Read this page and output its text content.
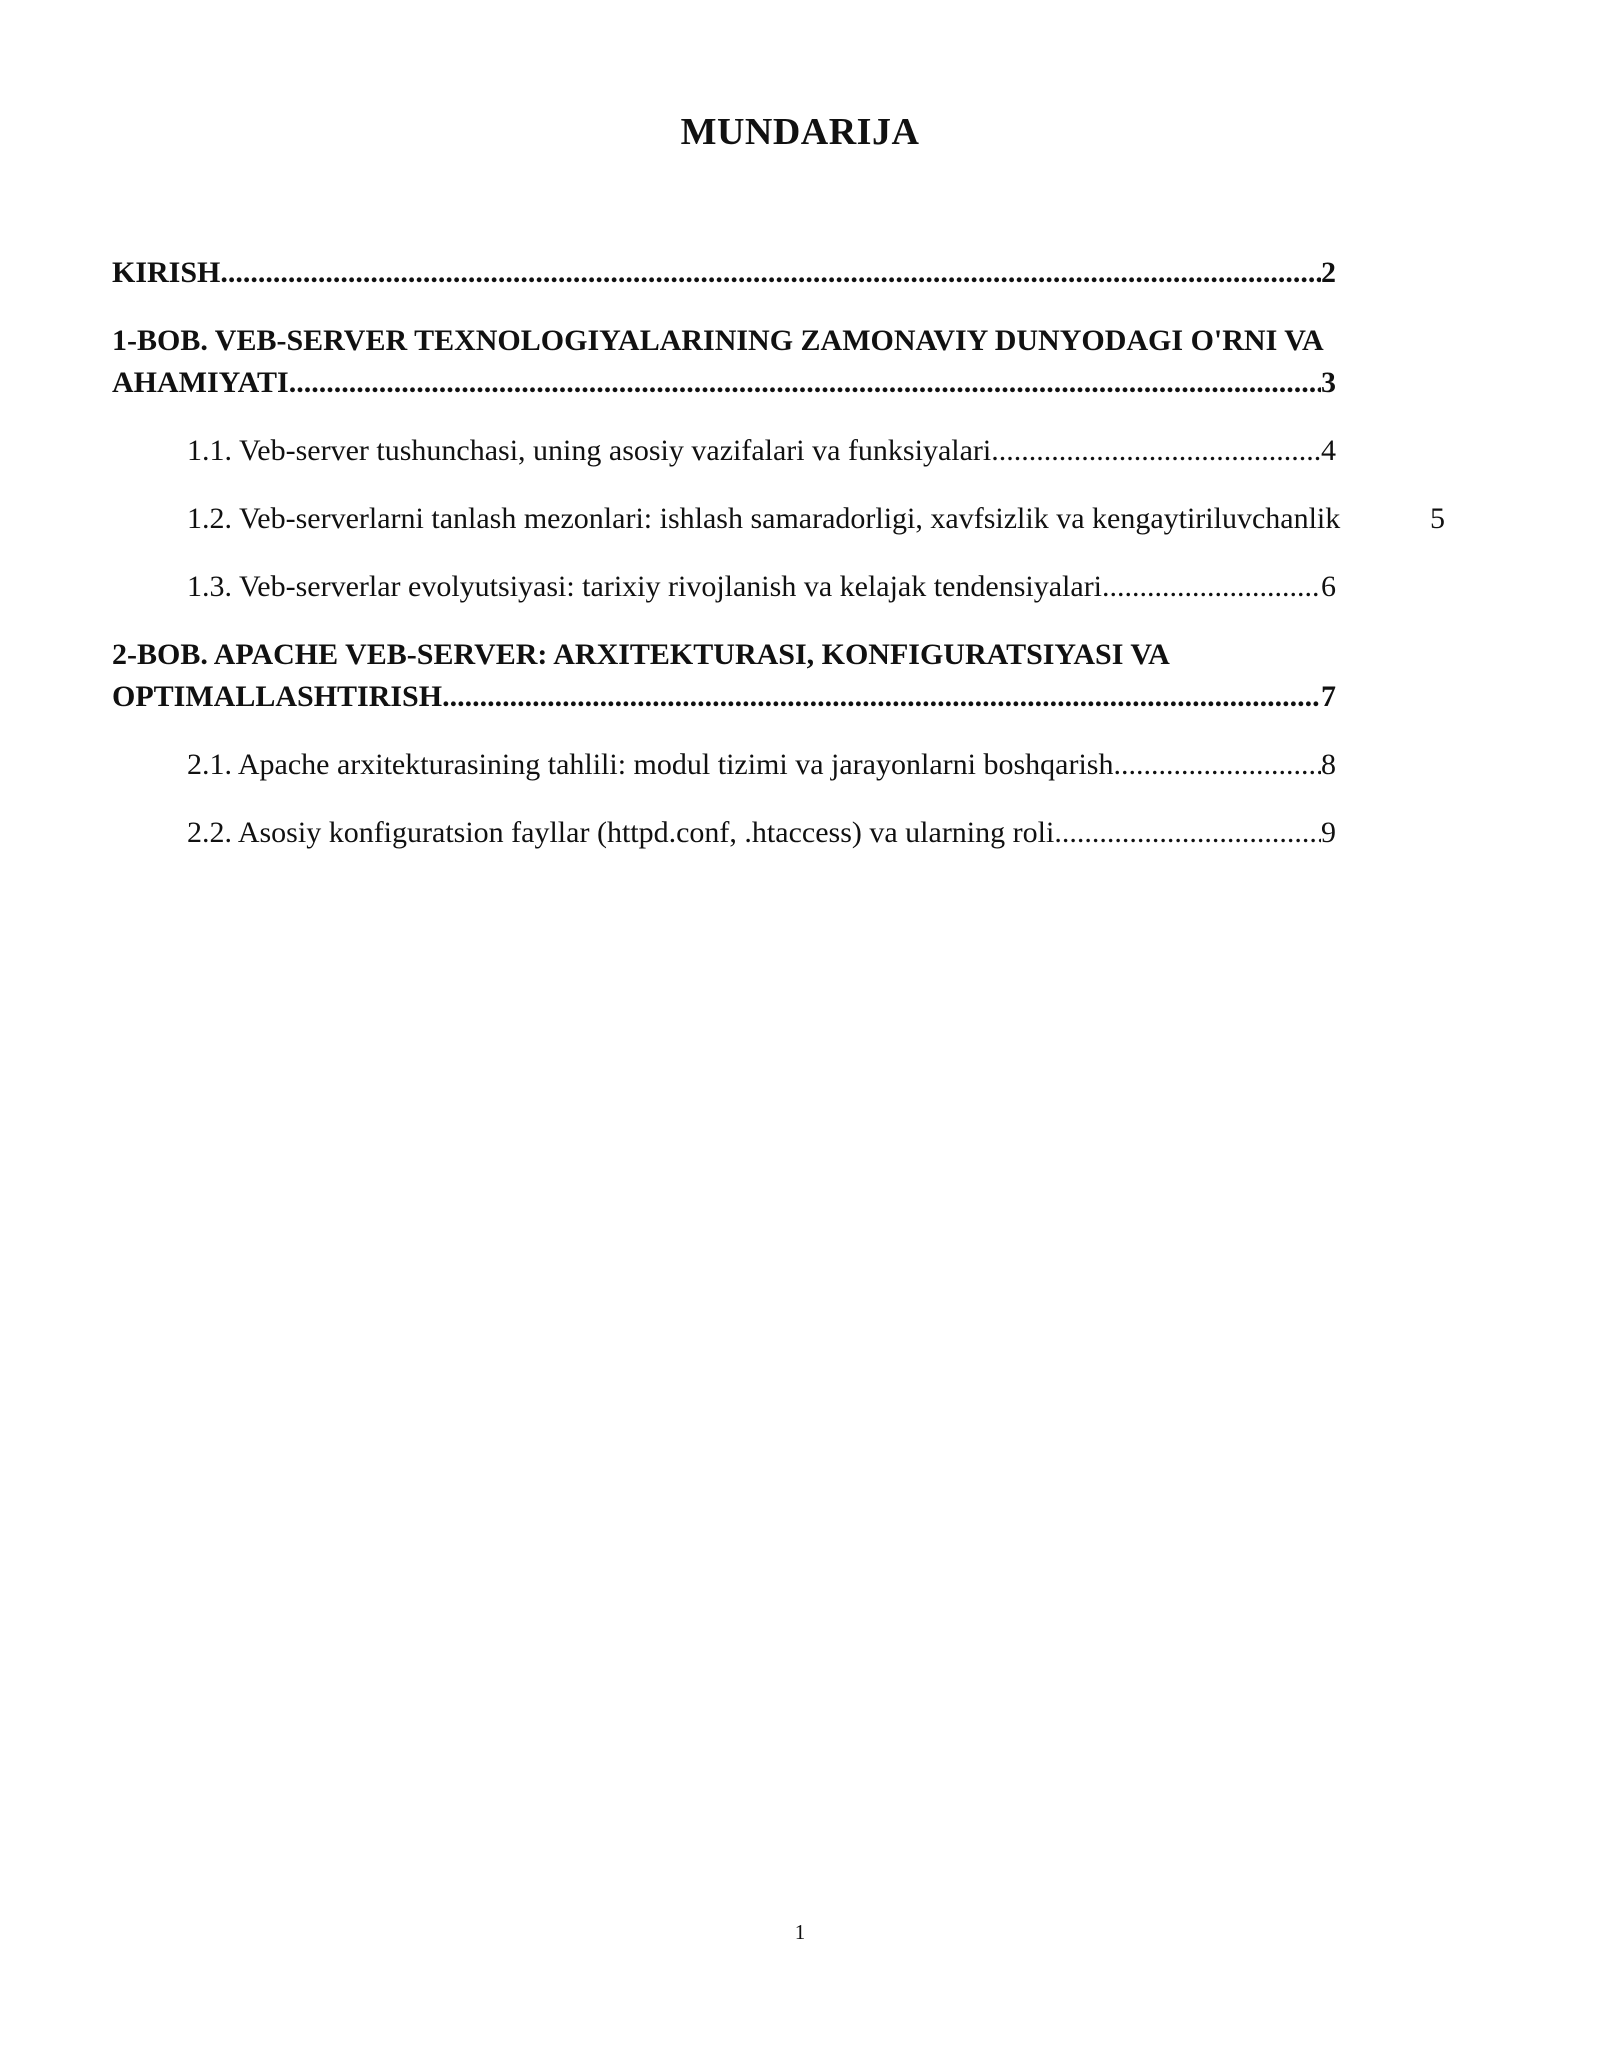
MUNDARIJA
KIRISH .....	2
1-BOB. VEB-SERVER TEXNOLOGIYALARINING ZAMONAVIY DUNYODAGI O'RNI VA
AHAMIYATI .....	3
1.1. Veb-server tushunchasi, uning asosiy vazifalari va funksiyalari .....	4
1.2. Veb-serverlarni tanlash mezonlari: ishlash samaradorligi, xavfsizlik va kengaytiriluvchanlik	5
1.3. Veb-serverlar evolyutsiyasi: tarixiy rivojlanish va kelajak tendensiyalari .....	6
2-BOB. APACHE VEB-SERVER: ARXITEKTURASI, KONFIGURATSIYASI VA
OPTIMALLASHTIRISH .....	7
2.1. Apache arxitekturasining tahlili: modul tizimi va jarayonlarni boshqarish .....	8
2.2. Asosiy konfiguratsion fayllar (httpd.conf, .htaccess) va ularning roli .....	9
1
